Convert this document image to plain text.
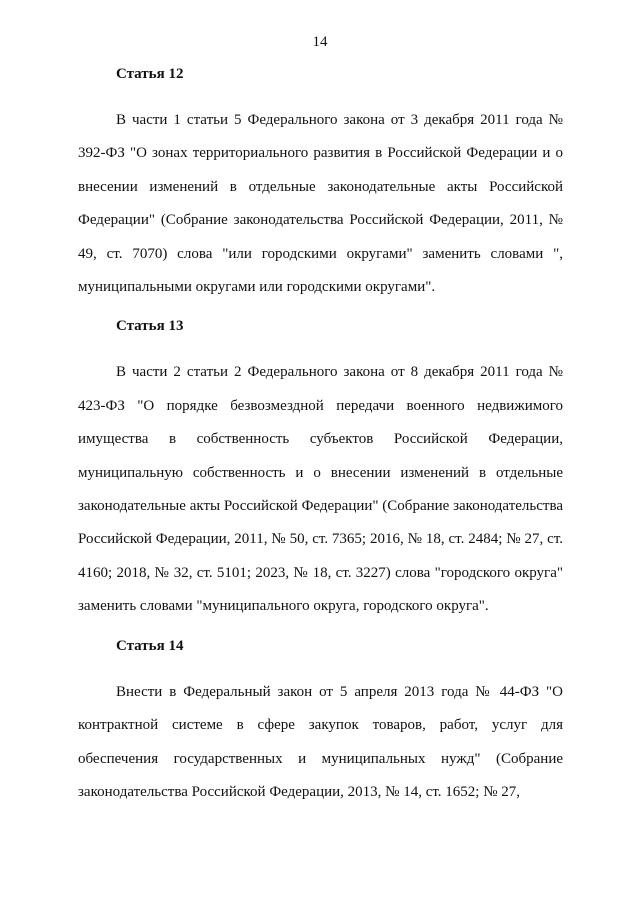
14
Статья 12

В части 1 статьи 5 Федерального закона от 3 декабря 2011 года № 392-ФЗ "О зонах территориального развития в Российской Федерации и о внесении изменений в отдельные законодательные акты Российской Федерации" (Собрание законодательства Российской Федерации, 2011, № 49, ст. 7070) слова "или городскими округами" заменить словами ", муниципальными округами или городскими округами".

Статья 13

В части 2 статьи 2 Федерального закона от 8 декабря 2011 года № 423-ФЗ "О порядке безвозмездной передачи военного недвижимого имущества в собственность субъектов Российской Федерации, муниципальную собственность и о внесении изменений в отдельные законодательные акты Российской Федерации" (Собрание законодательства Российской Федерации, 2011, № 50, ст. 7365; 2016, № 18, ст. 2484; № 27, ст. 4160; 2018, № 32, ст. 5101; 2023, № 18, ст. 3227) слова "городского округа" заменить словами "муниципального округа, городского округа".

Статья 14

Внести в Федеральный закон от 5 апреля 2013 года № 44-ФЗ "О контрактной системе в сфере закупок товаров, работ, услуг для обеспечения государственных и муниципальных нужд" (Собрание законодательства Российской Федерации, 2013, № 14, ст. 1652; № 27,
